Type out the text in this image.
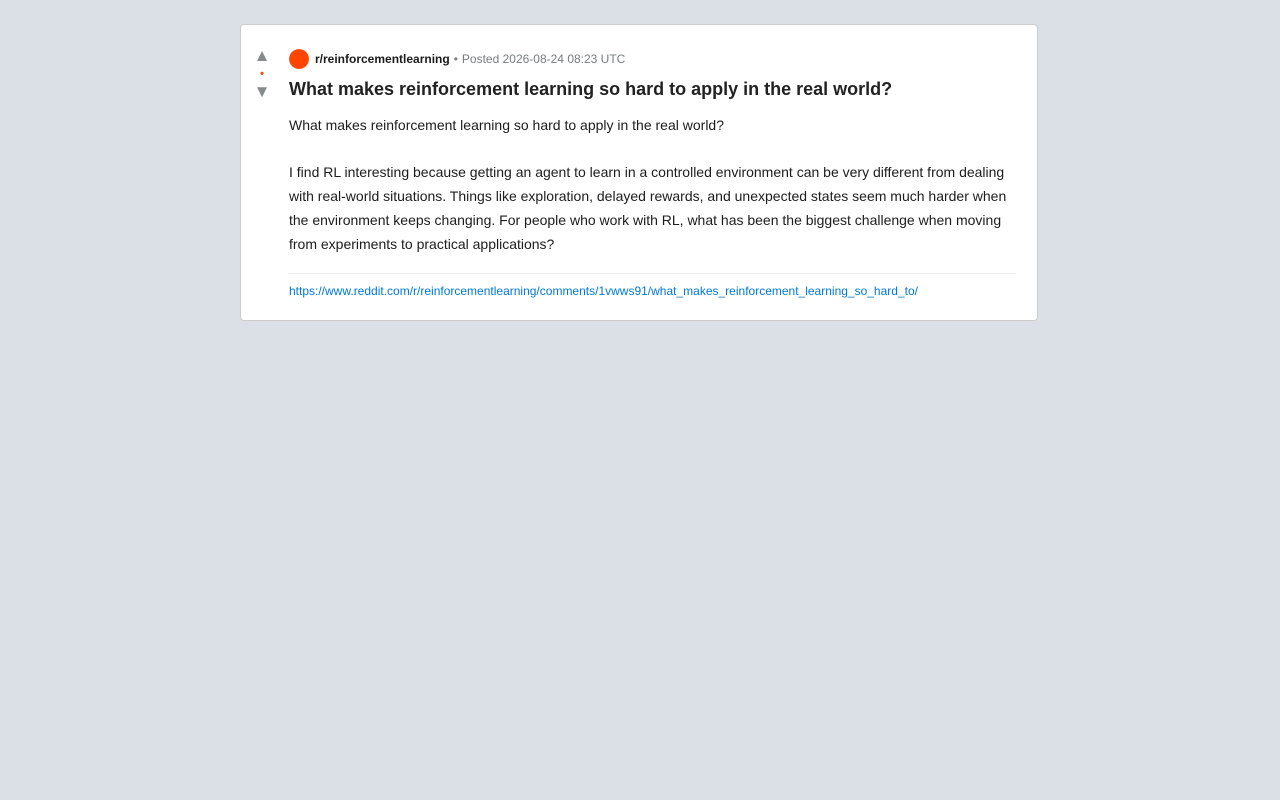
▲
•
▼
r/reinforcementlearning • Posted 2026-08-24 08:23 UTC
What makes reinforcement learning so hard to apply in the real world?

What makes reinforcement learning so hard to apply in the real world?

I find RL interesting because getting an agent to learn in a controlled environment can be very different from dealing with real-world situations. Things like exploration, delayed rewards, and unexpected states seem much harder when the environment keeps changing. For people who work with RL, what has been the biggest challenge when moving from experiments to practical applications?

https://www.reddit.com/r/reinforcementlearning/comments/1vwws91/what_makes_reinforcement_learning_so_hard_to/
